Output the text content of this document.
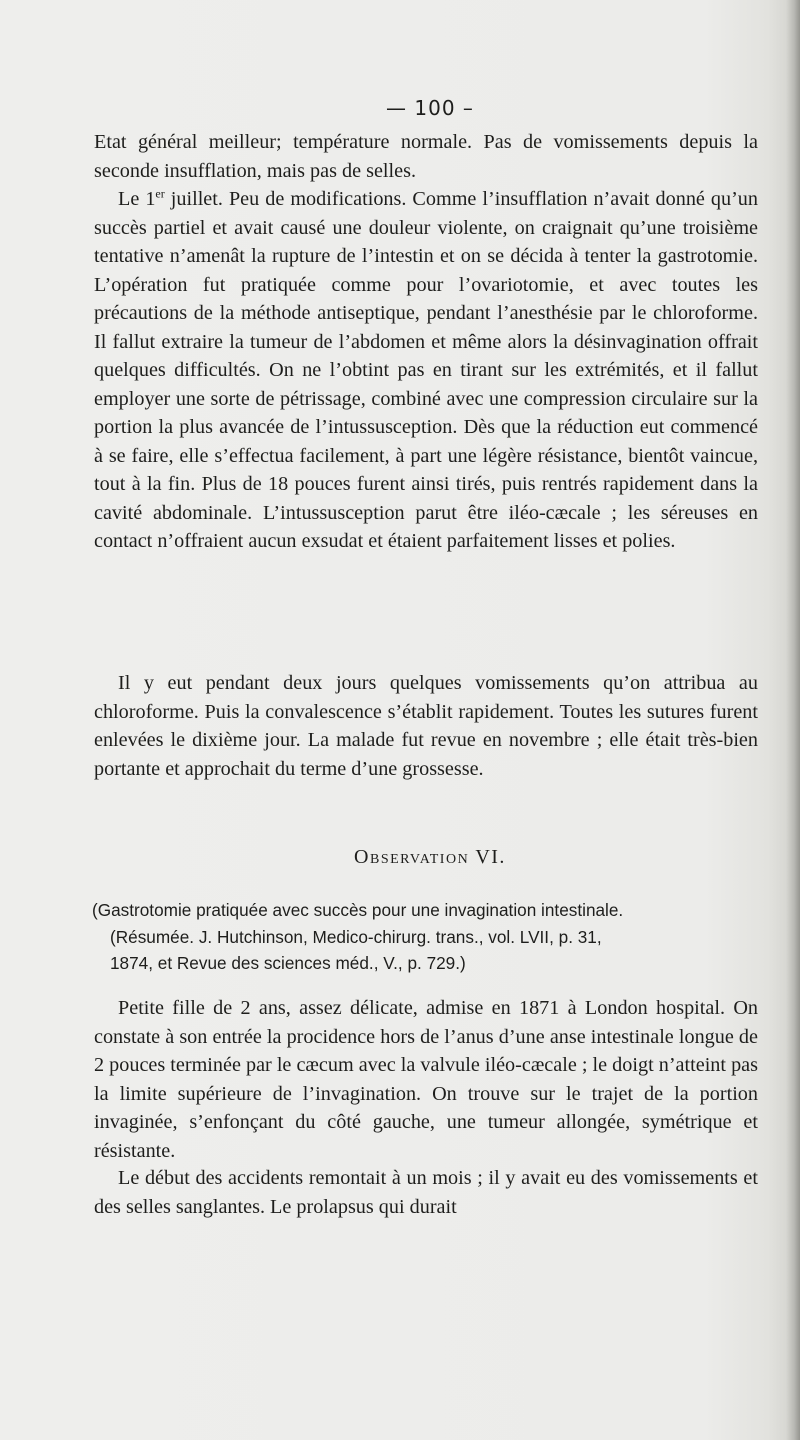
— 100 –

Etat général meilleur; température normale. Pas de vomissements depuis la seconde insufflation, mais pas de selles.

Le 1er juillet. Peu de modifications. Comme l’insufflation n’avait donné qu’un succès partiel et avait causé une douleur violente, on craignait qu’une troisième tentative n’amenât la rupture de l’intestin et on se décida à tenter la gastrotomie. L’opération fut pratiquée comme pour l’ovariotomie, et avec toutes les précautions de la méthode antiseptique, pendant l’anesthésie par le chloroforme. Il fallut extraire la tumeur de l’abdomen et même alors la désinvagination offrait quelques difficultés. On ne l’obtint pas en tirant sur les extrémités, et il fallut employer une sorte de pétrissage, combiné avec une compression circulaire sur la portion la plus avancée de l’intussusception. Dès que la réduction eut commencé à se faire, elle s’effectua facilement, à part une légère résistance, bientôt vaincue, tout à la fin. Plus de 18 pouces furent ainsi tirés, puis rentrés rapidement dans la cavité abdominale. L’intussusception parut être iléo-cæcale ; les séreuses en contact n’offraient aucun exsudat et étaient parfaitement lisses et polies.

Il y eut pendant deux jours quelques vomissements qu’on attribua au chloroforme. Puis la convalescence s’établit rapidement. Toutes les sutures furent enlevées le dixième jour. La malade fut revue en novembre ; elle était très-bien portante et approchait du terme d’une grossesse.

Observation VI.

(Gastrotomie pratiquée avec succès pour une invagination intestinale.

(Résumée. J. Hutchinson, Medico-chirurg. trans., vol. LVII, p. 31,
1874, et Revue des sciences méd., V., p. 729.)

Petite fille de 2 ans, assez délicate, admise en 1871 à London hospital. On constate à son entrée la procidence hors de l’anus d’une anse intestinale longue de 2 pouces terminée par le cæcum avec la valvule iléo-cæcale ; le doigt n’atteint pas la limite supérieure de l’invagination. On trouve sur le trajet de la portion invaginée, s’enfonçant du côté gauche, une tumeur allongée, symétrique et résistante.

Le début des accidents remontait à un mois ; il y avait eu des vomissements et des selles sanglantes. Le prolapsus qui durait
